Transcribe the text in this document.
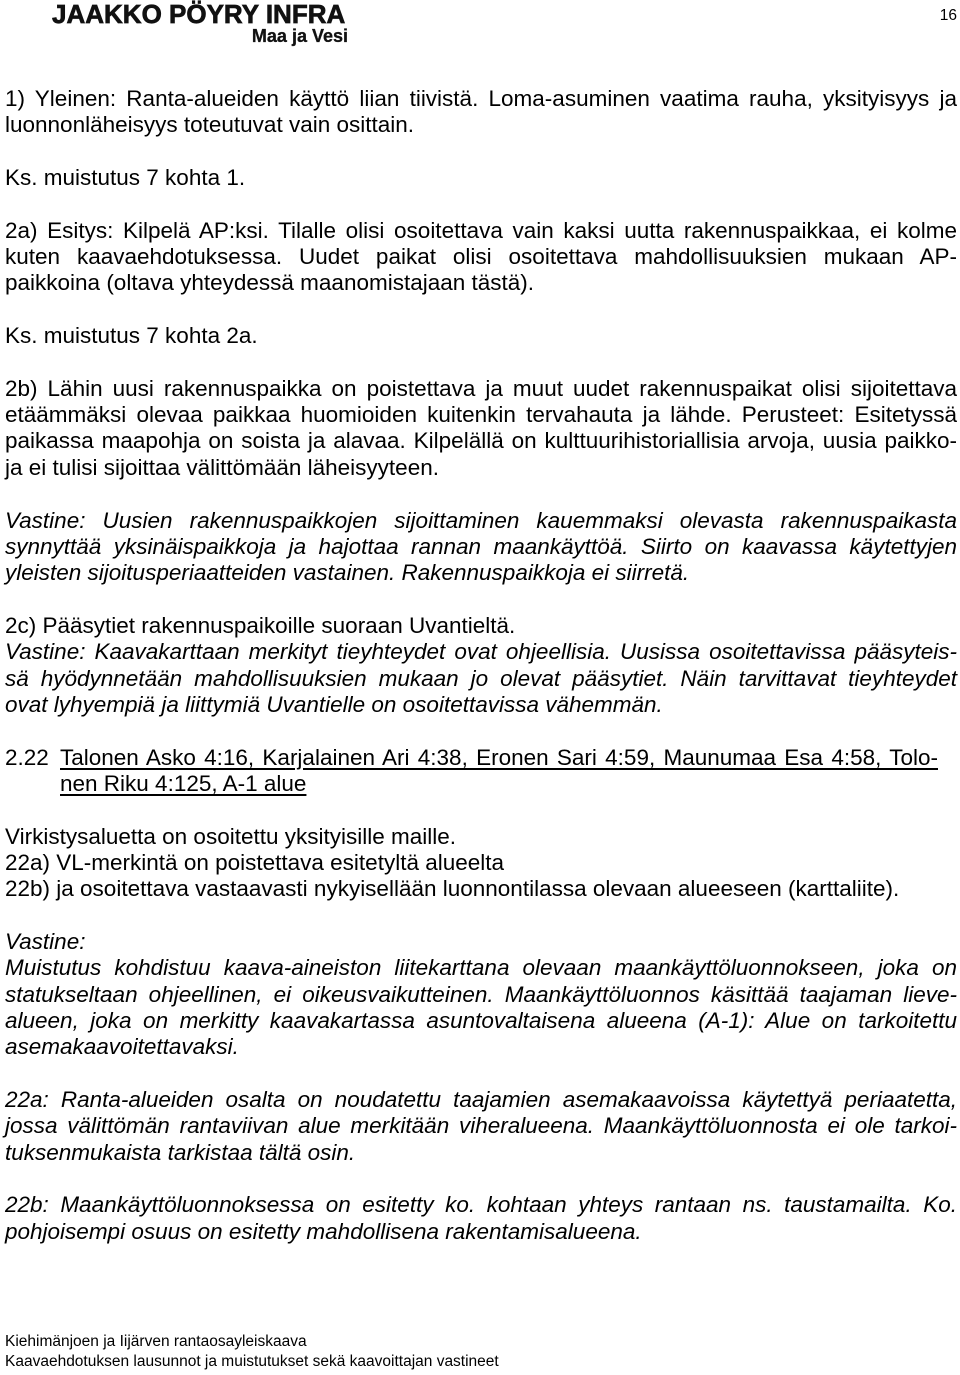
JAAKKO PÖYRY INFRA
Maa ja Vesi
16
1) Yleinen: Ranta-alueiden käyttö liian tiivistä. Loma-asuminen vaatima rauha, yksityisyys ja
luonnonläheisyys toteutuvat vain osittain.
Ks. muistutus 7 kohta 1.
2a) Esitys: Kilpelä AP:ksi. Tilalle olisi osoitettava vain kaksi uutta rakennuspaikkaa, ei kolme
kuten kaavaehdotuksessa. Uudet paikat olisi osoitettava mahdollisuuksien mukaan AP-
paikkoina (oltava yhteydessä maanomistajaan tästä).
Ks. muistutus 7 kohta 2a.
2b) Lähin uusi rakennuspaikka on poistettava ja muut uudet rakennuspaikat olisi sijoitettava
etäämmäksi olevaa paikkaa huomioiden kuitenkin tervahauta ja lähde. Perusteet: Esitetyssä
paikassa maapohja on soista ja alavaa. Kilpelällä on kulttuurihistoriallisia arvoja, uusia paikko-
ja ei tulisi sijoittaa välittömään läheisyyteen.
Vastine: Uusien rakennuspaikkojen sijoittaminen kauemmaksi olevasta rakennuspaikasta
synnyttää yksinäispaikkoja ja hajottaa rannan maankäyttöä. Siirto on kaavassa käytettyjen
yleisten sijoitusperiaatteiden vastainen. Rakennuspaikkoja ei siirretä.
2c) Pääsytiet rakennuspaikoille suoraan Uvantieltä.
Vastine: Kaavakarttaan merkityt tieyhteydet ovat ohjeellisia. Uusissa osoitettavissa pääsyteis-
sä hyödynnetään mahdollisuuksien mukaan jo olevat pääsytiet. Näin tarvittavat tieyhteydet
ovat lyhyempiä ja liittymiä Uvantielle on osoitettavissa vähemmän.
2.22 Talonen Asko 4:16, Karjalainen Ari 4:38, Eronen Sari 4:59, Maunumaa Esa 4:58, Tolo-
nen Riku 4:125, A-1 alue
Virkistysaluetta on osoitettu yksityisille maille.
22a) VL-merkintä on poistettava esitetyltä alueelta
22b) ja osoitettava vastaavasti nykyisellään luonnontilassa olevaan alueeseen (karttaliite).
Vastine:
Muistutus kohdistuu kaava-aineiston liitekarttana olevaan maankäyttöluonnokseen, joka on
statukseltaan ohjeellinen, ei oikeusvaikutteinen. Maankäyttöluonnos käsittää taajaman lieve-
alueen, joka on merkitty kaavakartassa asuntovaltaisena alueena (A-1): Alue on tarkoitettu
asemakaavoitettavaksi.
22a: Ranta-alueiden osalta on noudatettu taajamien asemakaavoissa käytettyä periaatetta,
jossa välittömän rantaviivan alue merkitään viheralueena. Maankäyttöluonnosta ei ole tarkoi-
tuksenmukaista tarkistaa tältä osin.
22b: Maankäyttöluonnoksessa on esitetty ko. kohtaan yhteys rantaan ns. taustamailta. Ko.
pohjoisempi osuus on esitetty mahdollisena rakentamisalueena.
Kiehimänjoen ja Iijärven rantaosayleiskaava
Kaavaehdotuksen lausunnot ja muistutukset sekä kaavoittajan vastineet
